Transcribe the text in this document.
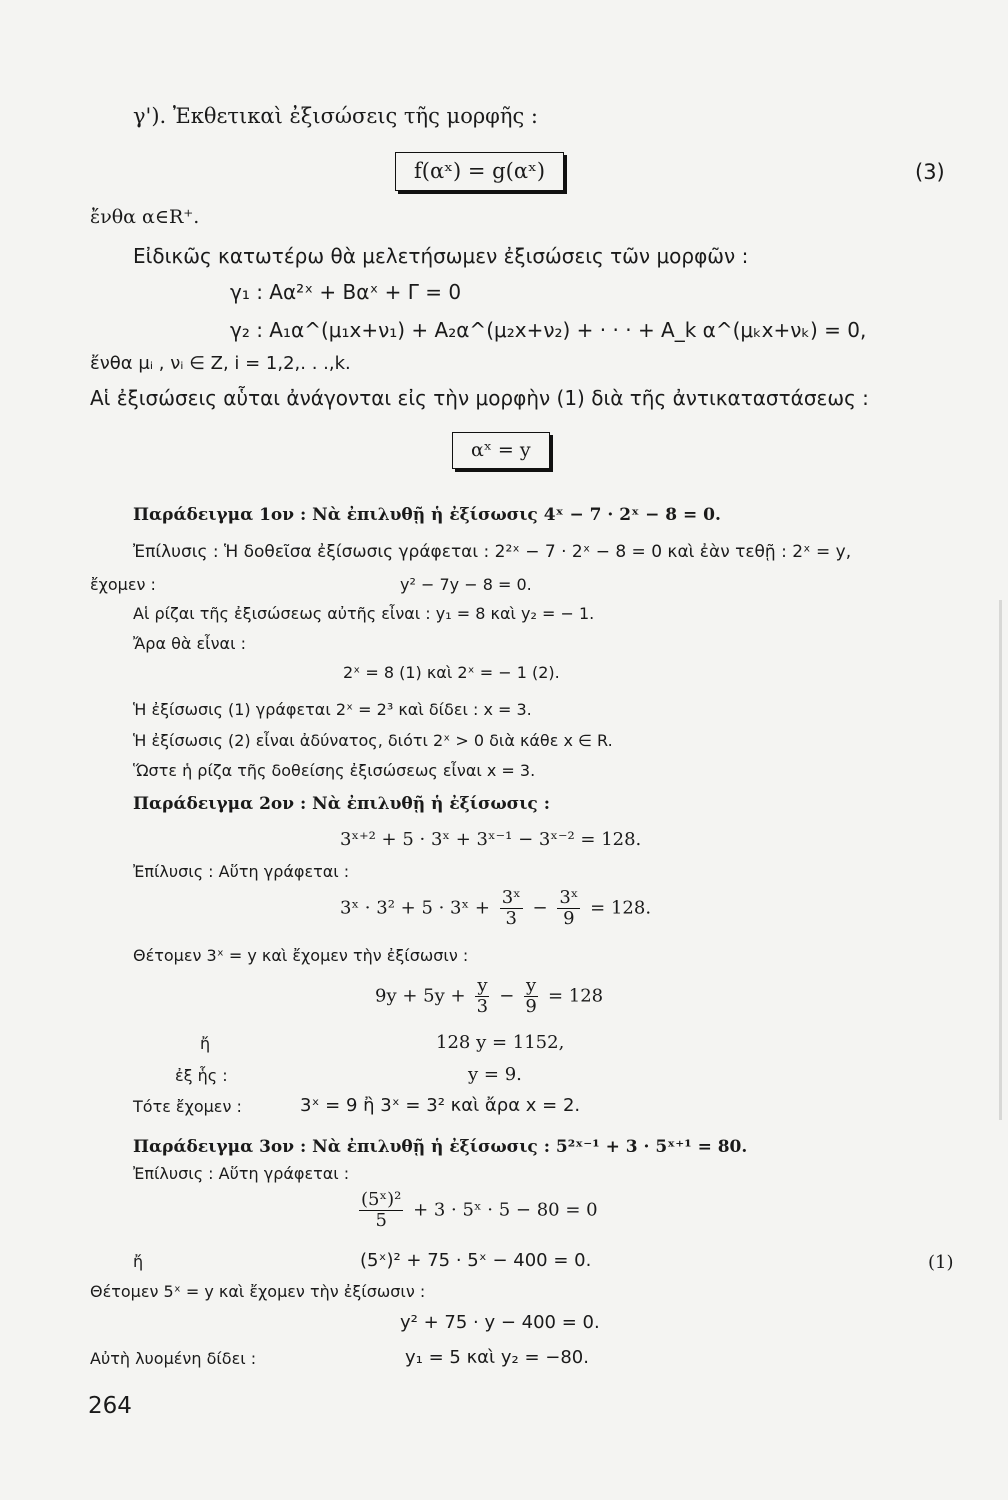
γ'). Ἐκθετικαὶ ἐξισώσεις τῆς μορφῆς :
f(αˣ) = g(αˣ)	(3)
ἔνθα α∈R⁺.
Εἰδικῶς κατωτέρω θὰ μελετήσωμεν ἐξισώσεις τῶν μορφῶν :
γ₁ : Aα²ˣ + Bαˣ + Γ = 0
γ₂ : A₁α^(μ₁x+ν₁) + A₂α^(μ₂x+ν₂) + · · · + A_k α^(μₖx+νₖ) = 0,
ἔνθα μᵢ , νᵢ ∈ Z, i = 1,2,. . .,k.
Αἱ ἐξισώσεις αὗται ἀνάγονται εἰς τὴν μορφὴν (1) διὰ τῆς ἀντικαταστάσεως :
αˣ = y
Παράδειγμα 1ον : Νὰ ἐπιλυθῇ ἡ ἐξίσωσις 4ˣ − 7 · 2ˣ − 8 = 0.
Ἐπίλυσις : Ἡ δοθεῖσα ἐξίσωσις γράφεται : 2²ˣ − 7 · 2ˣ − 8 = 0 καὶ ἐὰν τεθῇ : 2ˣ = y,
ἔχομεν :	y² − 7y − 8 = 0.
Αἱ ρίζαι τῆς ἐξισώσεως αὐτῆς εἶναι : y₁ = 8 καὶ y₂ = − 1.
Ἄρα θὰ εἶναι :
2ˣ = 8 (1) καὶ 2ˣ = − 1 (2).
Ἡ ἐξίσωσις (1) γράφεται 2ˣ = 2³ καὶ δίδει : x = 3.
Ἡ ἐξίσωσις (2) εἶναι ἀδύνατος, διότι 2ˣ > 0 διὰ κάθε x ∈ R.
Ὥστε ἡ ρίζα τῆς δοθείσης ἐξισώσεως εἶναι x = 3.
Παράδειγμα 2ον : Νὰ ἐπιλυθῇ ἡ ἐξίσωσις :
3ˣ⁺² + 5 · 3ˣ + 3ˣ⁻¹ − 3ˣ⁻² = 128.
Ἐπίλυσις : Αὕτη γράφεται :
3ˣ · 3² + 5 · 3ˣ + $\frac{\text{3ˣ}}{3} - \frac{\text{3ˣ}}{9} = 128$.
Θέτομεν 3ˣ = y καὶ ἔχομεν τὴν ἐξίσωσιν :
$9y + 5y + \frac{y}{3} - \frac{y}{9} = 128$
ἤ	128 y = 1152,
ἐξ ἧς :	y = 9.
Τότε ἔχομεν :	3ˣ = 9 ἢ 3ˣ = 3² καὶ ἄρα x = 2.
Παράδειγμα 3ον : Νὰ ἐπιλυθῇ ἡ ἐξίσωσις : 5²ˣ⁻¹ + 3 · 5ˣ⁺¹ = 80.
Ἐπίλυσις : Αὕτη γράφεται :
$\frac{\text{(5ˣ)²}}{5} + 3$ · 5ˣ · 5 − 80 = 0
ἤ	(5ˣ)² + 75 · 5ˣ − 400 = 0.	(1)
Θέτομεν 5ˣ = y καὶ ἔχομεν τὴν ἐξίσωσιν :
y² + 75 · y − 400 = 0.
Αὐτὴ λυομένη δίδει :	y₁ = 5 καὶ y₂ = −80.
264
